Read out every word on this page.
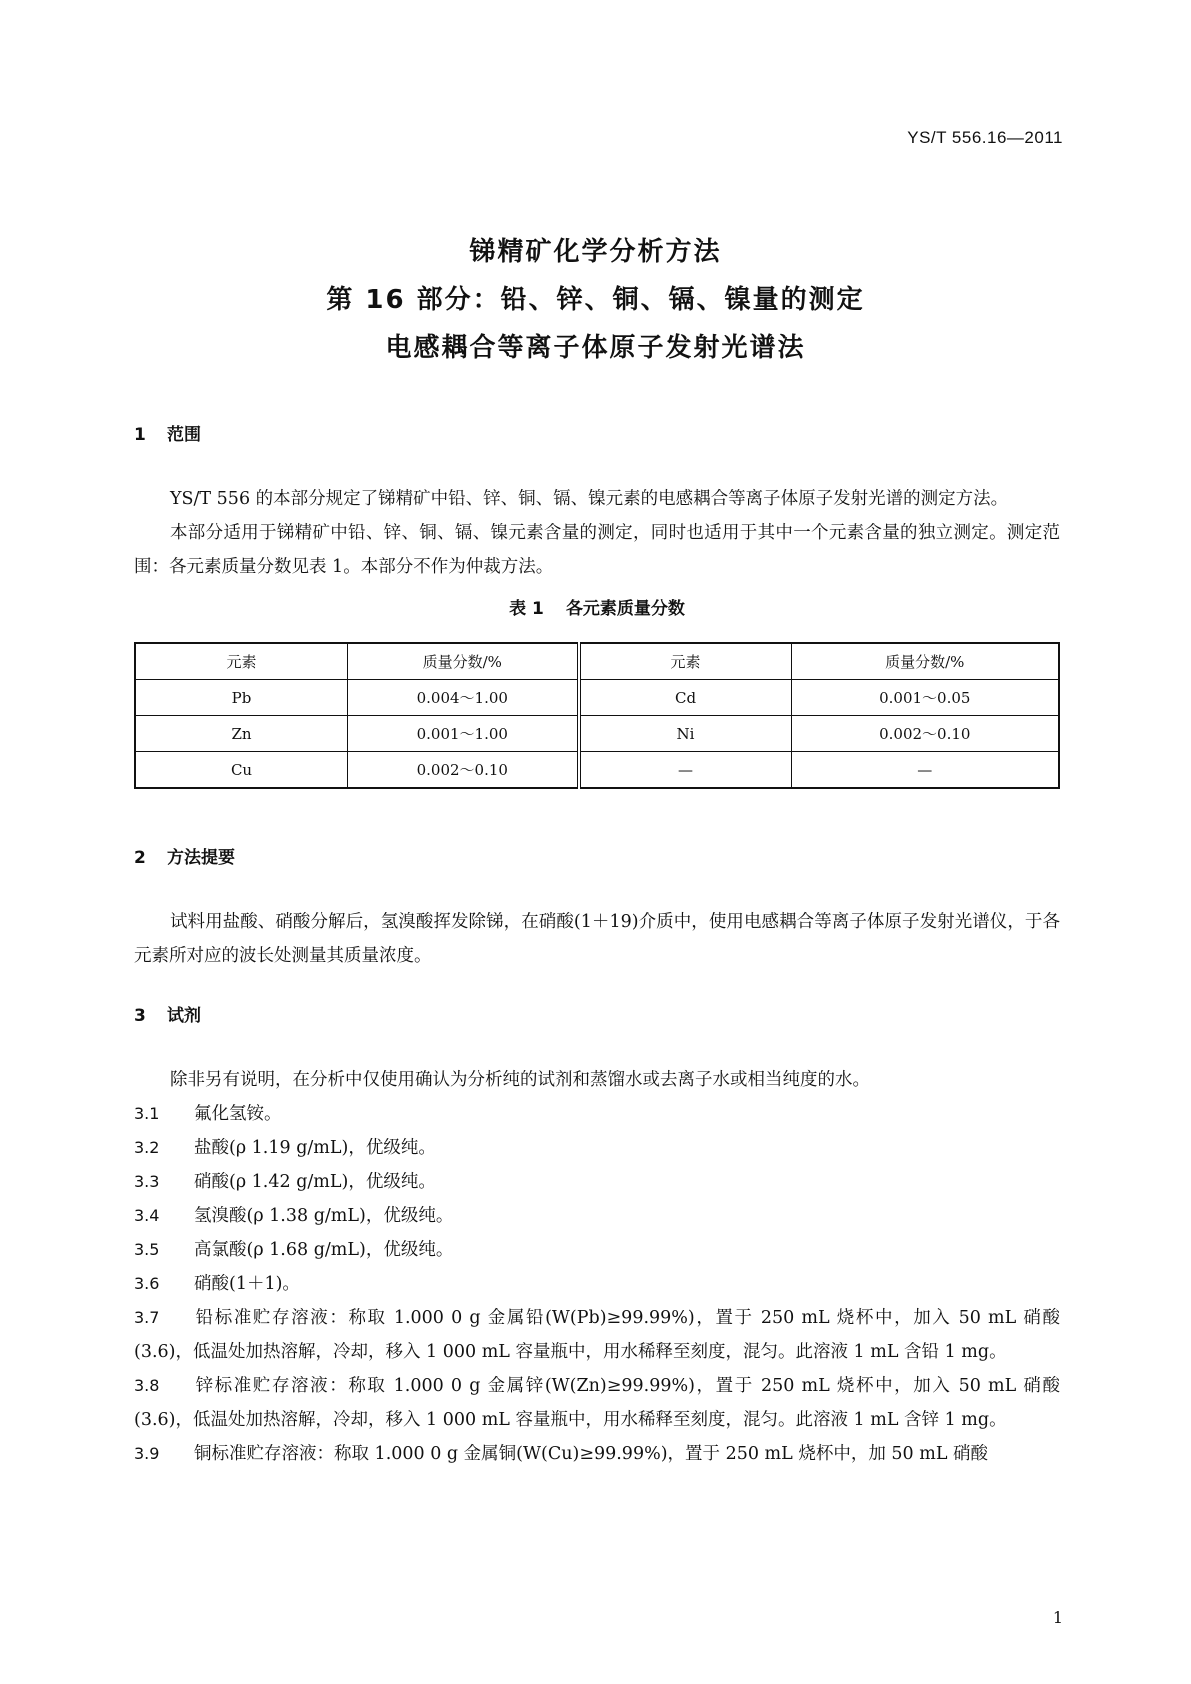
YS/T 556.16—2011
锑精矿化学分析方法
第 16 部分：铅、锌、铜、镉、镍量的测定
电感耦合等离子体原子发射光谱法
1 范围

YS/T 556 的本部分规定了锑精矿中铅、锌、铜、镉、镍元素的电感耦合等离子体原子发射光谱的测定方法。

本部分适用于锑精矿中铅、锌、铜、镉、镍元素含量的测定，同时也适用于其中一个元素含量的独立测定。测定范围：各元素质量分数见表 1。本部分不作为仲裁方法。

表 1 各元素质量分数
元素	质量分数/%	元素	质量分数/%
Pb	0.004～1.00	Cd	0.001～0.05
Zn	0.001～1.00	Ni	0.002～0.10
Cu	0.002～0.10	—	—
2 方法提要

试料用盐酸、硝酸分解后，氢溴酸挥发除锑，在硝酸(1＋19)介质中，使用电感耦合等离子体原子发射光谱仪，于各元素所对应的波长处测量其质量浓度。

3 试剂

除非另有说明，在分析中仅使用确认为分析纯的试剂和蒸馏水或去离子水或相当纯度的水。

3.1 氟化氢铵。

3.2 盐酸(ρ 1.19 g/mL)，优级纯。

3.3 硝酸(ρ 1.42 g/mL)，优级纯。

3.4 氢溴酸(ρ 1.38 g/mL)，优级纯。

3.5 高氯酸(ρ 1.68 g/mL)，优级纯。

3.6 硝酸(1＋1)。

3.7 铅标准贮存溶液：称取 1.000 0 g 金属铅(W(Pb)≥99.99%)，置于 250 mL 烧杯中，加入 50 mL 硝酸(3.6)，低温处加热溶解，冷却，移入 1 000 mL 容量瓶中，用水稀释至刻度，混匀。此溶液 1 mL 含铅 1 mg。

3.8 锌标准贮存溶液：称取 1.000 0 g 金属锌(W(Zn)≥99.99%)，置于 250 mL 烧杯中，加入 50 mL 硝酸(3.6)，低温处加热溶解，冷却，移入 1 000 mL 容量瓶中，用水稀释至刻度，混匀。此溶液 1 mL 含锌 1 mg。

3.9 铜标准贮存溶液：称取 1.000 0 g 金属铜(W(Cu)≥99.99%)，置于 250 mL 烧杯中，加 50 mL 硝酸

1
